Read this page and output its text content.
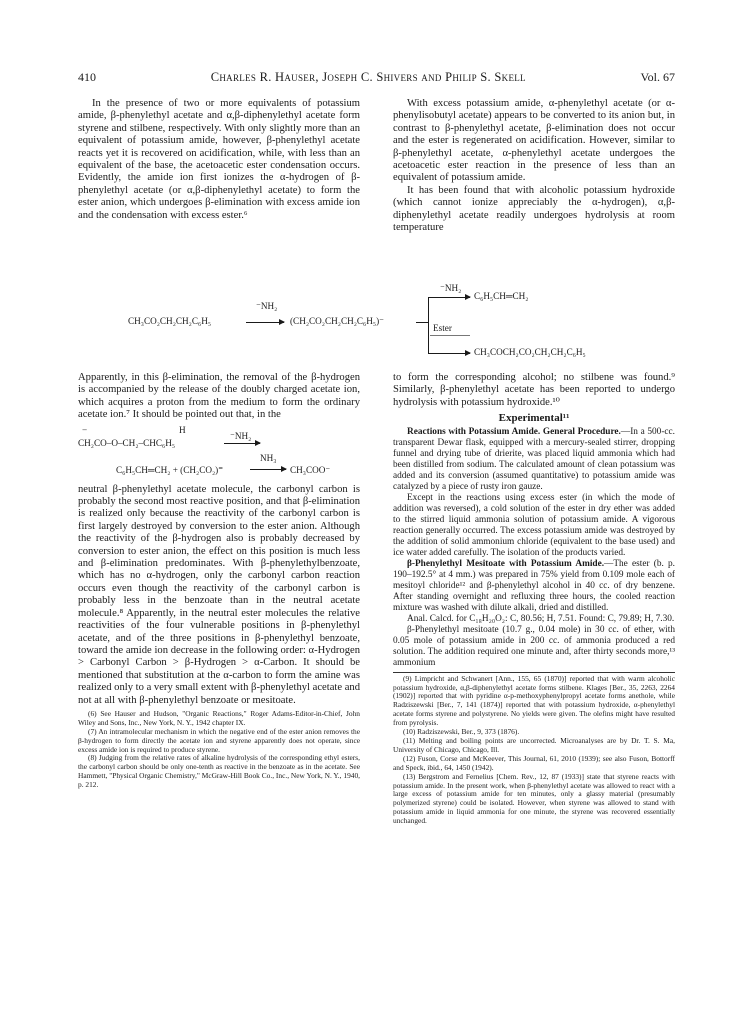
410	Charles R. Hauser, Joseph C. Shivers and Philip S. Skell	Vol. 67

In the presence of two or more equivalents of potassium amide, β-phenylethyl acetate and α,β-diphenylethyl acetate form styrene and stilbene, respectively. With only slightly more than an equivalent of potassium amide, however, β-phenylethyl acetate reacts yet it is recovered on acidification, while, with less than an equivalent of the base, the acetoacetic ester condensation occurs. Evidently, the amide ion first ionizes the α-hydrogen of β-phenylethyl acetate (or α,β-diphenylethyl acetate) to form the ester anion, which undergoes β-elimination with excess amide ion and the condensation with excess ester.⁶

With excess potassium amide, α-phenylethyl acetate (or α-phenylisobutyl acetate) appears to be converted to its anion but, in contrast to β-phenylethyl acetate, β-elimination does not occur and the ester is regenerated on acidification. However, similar to β-phenylethyl acetate, α-phenylethyl acetate undergoes the acetoacetic ester reaction in the presence of less than an equivalent of potassium amide.

It has been found that with alcoholic potassium hydroxide (which cannot ionize appreciably the α-hydrogen), α,β-diphenylethyl acetate readily undergoes hydrolysis at room temperature

CH₃CO₂CH₂CH₂C₆H₅
⁻NH₂
(CH₂CO₂CH₂CH₂C₆H₅)⁻
⁻NH₂
C₆H₅CH═CH₂
Ester
CH₃COCH₂CO₂CH₂CH₂C₆H₅

Apparently, in this β-elimination, the removal of the β-hydrogen is accompanied by the release of the doubly charged acetate ion, which acquires a proton from the medium to form the ordinary acetate ion.⁷ It should be pointed out that, in the

−	H
CH₂CO–O–CH₂–CHC₆H₅
⁻NH₂
NH₃
C₆H₅CH═CH₂ + (CH₂CO₂)⁼	→ CH₃COO⁻

neutral β-phenylethyl acetate molecule, the carbonyl carbon is probably the second most reactive position, and that β-elimination is realized only because the reactivity of the carbonyl carbon is first largely destroyed by conversion to the ester anion. Although the reactivity of the β-hydrogen also is probably decreased by conversion to ester anion, the effect on this position is much less and β-elimination predominates. With β-phenylethylbenzoate, which has no α-hydrogen, only the carbonyl carbon reaction occurs even though the reactivity of the carbonyl carbon is probably less in the benzoate than in the neutral acetate molecule.⁸ Apparently, in the neutral ester molecules the relative reactivities of the four vulnerable positions in β-phenylethyl acetate, and of the three positions in β-phenylethyl benzoate, toward the amide ion decrease in the following order: α-Hydrogen > Carbonyl Carbon > β-Hydrogen > α-Carbon. It should be mentioned that substitution at the α-carbon to form the amine was realized only to a very small extent with β-phenylethyl acetate and not at all with β-phenylethyl benzoate or mesitoate.

(6) See Hauser and Hudson, "Organic Reactions," Roger Adams-Editor-in-Chief, John Wiley and Sons, Inc., New York, N. Y., 1942 chapter IX.

(7) An intramolecular mechanism in which the negative end of the ester anion removes the β-hydrogen to form directly the acetate ion and styrene apparently does not operate, since excess amide ion is required to produce styrene.

(8) Judging from the relative rates of alkaline hydrolysis of the corresponding ethyl esters, the carbonyl carbon should be only one-tenth as reactive in the benzoate as in the acetate. See Hammett, "Physical Organic Chemistry," McGraw-Hill Book Co., Inc., New York, N. Y., 1940, p. 212.

to form the corresponding alcohol; no stilbene was found.⁹ Similarly, β-phenylethyl acetate has been reported to undergo hydrolysis with potassium hydroxide.¹⁰

Experimental¹¹

Reactions with Potassium Amide. General Procedure.—In a 500-cc. transparent Dewar flask, equipped with a mercury-sealed stirrer, dropping funnel and drying tube of drierite, was placed liquid ammonia which had been distilled from sodium. The calculated amount of clean potassium was added and its conversion (assumed quantitative) to potassium amide was catalyzed by a piece of rusty iron gauze.

Except in the reactions using excess ester (in which the mode of addition was reversed), a cold solution of the ester in dry ether was added to the stirred liquid ammonia solution of potassium amide. A vigorous reaction generally occurred. The excess potassium amide was destroyed by the addition of solid ammonium chloride (equivalent to the base used) and ice water added carefully. The isolation of the products varied.

β-Phenylethyl Mesitoate with Potassium Amide.—The ester (b. p. 190–192.5° at 4 mm.) was prepared in 75% yield from 0.109 mole each of mesitoyl chloride¹² and β-phenylethyl alcohol in 40 cc. of dry benzene. After standing overnight and refluxing three hours, the cooled reaction mixture was washed with dilute alkali, dried and distilled.

Anal. Calcd. for C₁₈H₂₀O₂: C, 80.56; H, 7.51. Found: C, 79.89; H, 7.30.

β-Phenylethyl mesitoate (10.7 g., 0.04 mole) in 30 cc. of ether, with 0.05 mole of potassium amide in 200 cc. of ammonia produced a red solution. The addition required one minute and, after thirty seconds more,¹³ ammonium

(9) Limpricht and Schwanert [Ann., 155, 65 (1870)] reported that with warm alcoholic potassium hydroxide, α,β-diphenylethyl acetate forms stilbene. Klages [Ber., 35, 2263, 2264 (1902)] reported that with pyridine α-p-methoxyphenylpropyl acetate forms anethole, while Radziszewski [Ber., 7, 141 (1874)] reported that with potassium hydroxide, α-phenylethyl acetate forms styrene and polystyrene. No yields were given. The olefins might have resulted from pyrolysis.

(10) Radziszewski, Ber., 9, 373 (1876).

(11) Melting and boiling points are uncorrected. Microanalyses are by Dr. T. S. Ma, University of Chicago, Chicago, Ill.

(12) Fuson, Corse and McKeever, This Journal, 61, 2010 (1939); see also Fuson, Bottorff and Speck, ibid., 64, 1450 (1942).

(13) Bergstrom and Fernelius [Chem. Rev., 12, 87 (1933)] state that styrene reacts with potassium amide. In the present work, when β-phenylethyl acetate was allowed to react with a large excess of potassium amide for ten minutes, only a glassy material (presumably polymerized styrene) could be isolated. However, when styrene was allowed to stand with potassium amide in liquid ammonia for one minute, the styrene was recovered essentially unchanged.
